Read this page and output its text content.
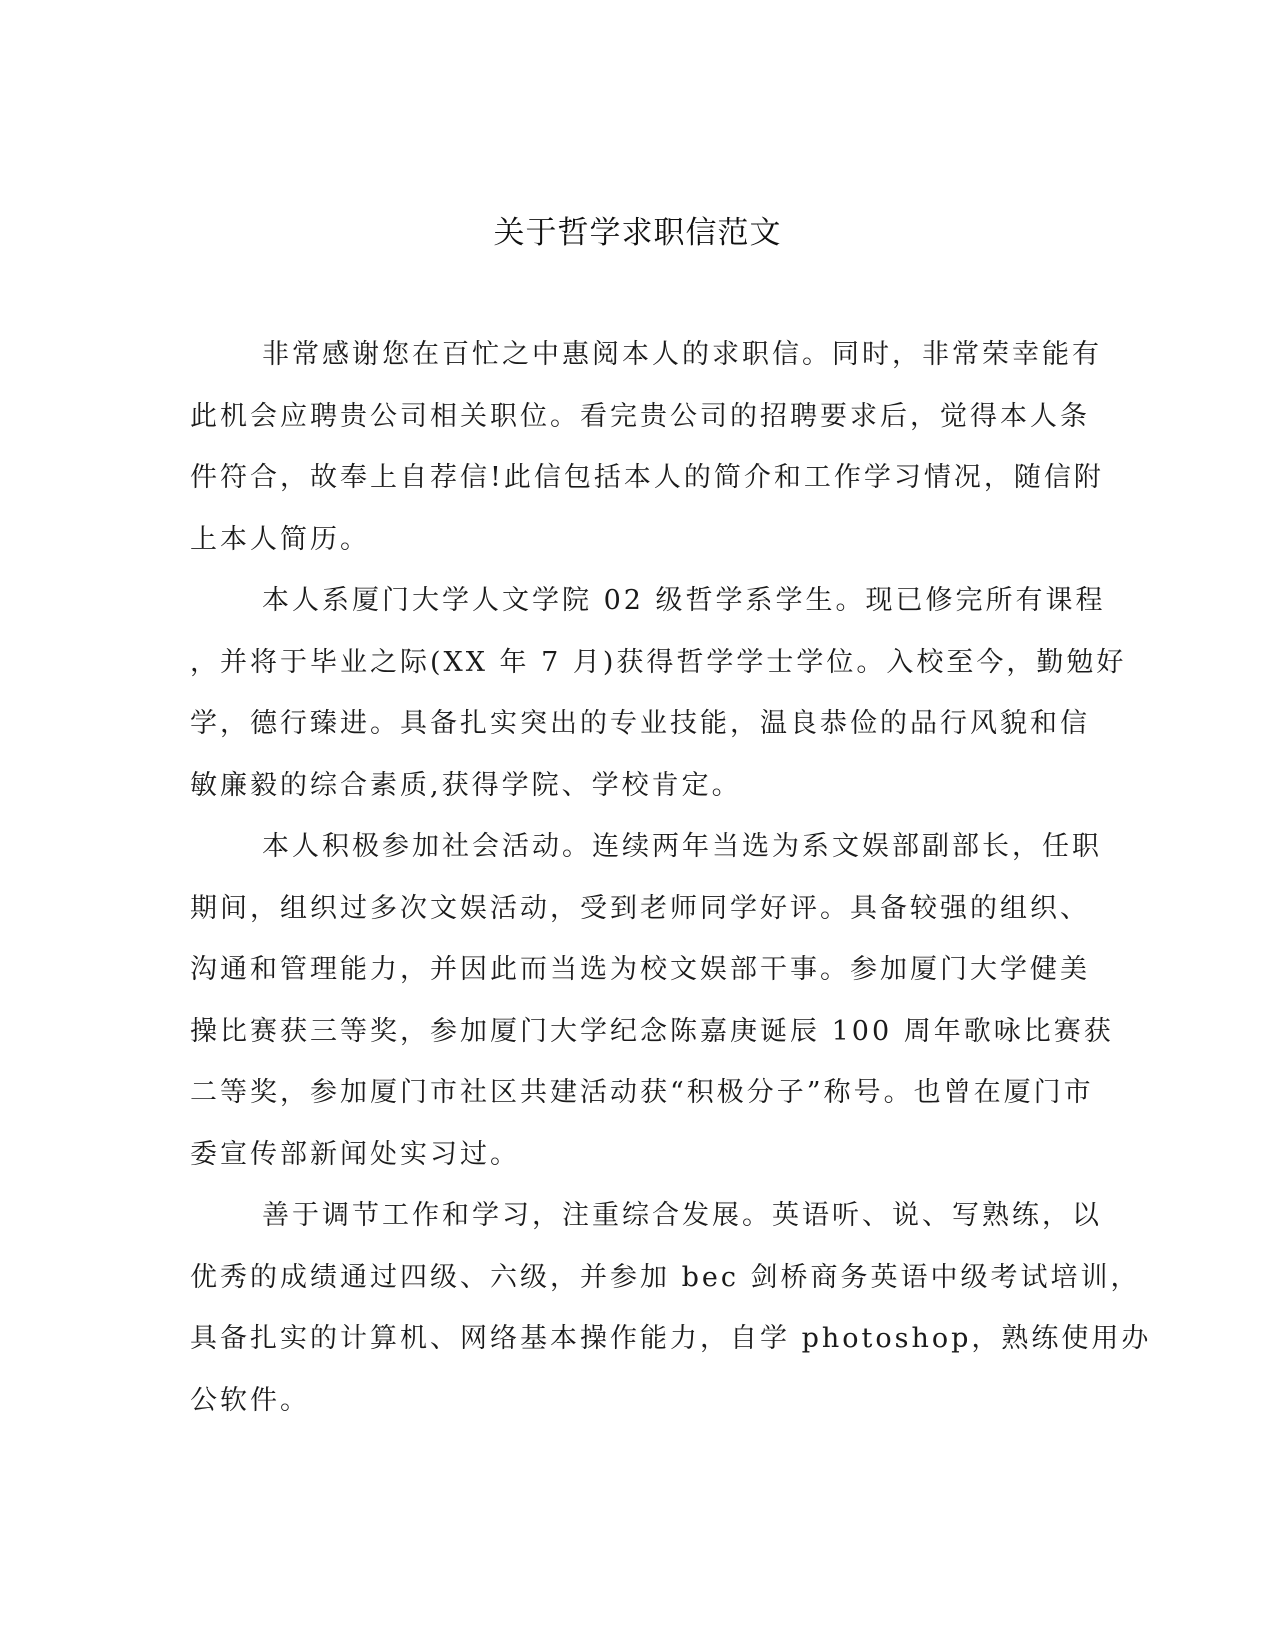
关于哲学求职信范文
非常感谢您在百忙之中惠阅本人的求职信。同时，非常荣幸能有
此机会应聘贵公司相关职位。看完贵公司的招聘要求后，觉得本人条
件符合，故奉上自荐信!此信包括本人的简介和工作学习情况，随信附
上本人简历。
本人系厦门大学人文学院 02 级哲学系学生。现已修完所有课程
，并将于毕业之际(XX 年 7 月)获得哲学学士学位。入校至今，勤勉好
学，德行臻进。具备扎实突出的专业技能，温良恭俭的品行风貌和信
敏廉毅的综合素质,获得学院、学校肯定。
本人积极参加社会活动。连续两年当选为系文娱部副部长，任职
期间，组织过多次文娱活动，受到老师同学好评。具备较强的组织、
沟通和管理能力，并因此而当选为校文娱部干事。参加厦门大学健美
操比赛获三等奖，参加厦门大学纪念陈嘉庚诞辰 100 周年歌咏比赛获
二等奖，参加厦门市社区共建活动获“积极分子”称号。也曾在厦门市
委宣传部新闻处实习过。
善于调节工作和学习，注重综合发展。英语听、说、写熟练，以
优秀的成绩通过四级、六级，并参加 bec 剑桥商务英语中级考试培训，
具备扎实的计算机、网络基本操作能力，自学 photoshop，熟练使用办
公软件。
